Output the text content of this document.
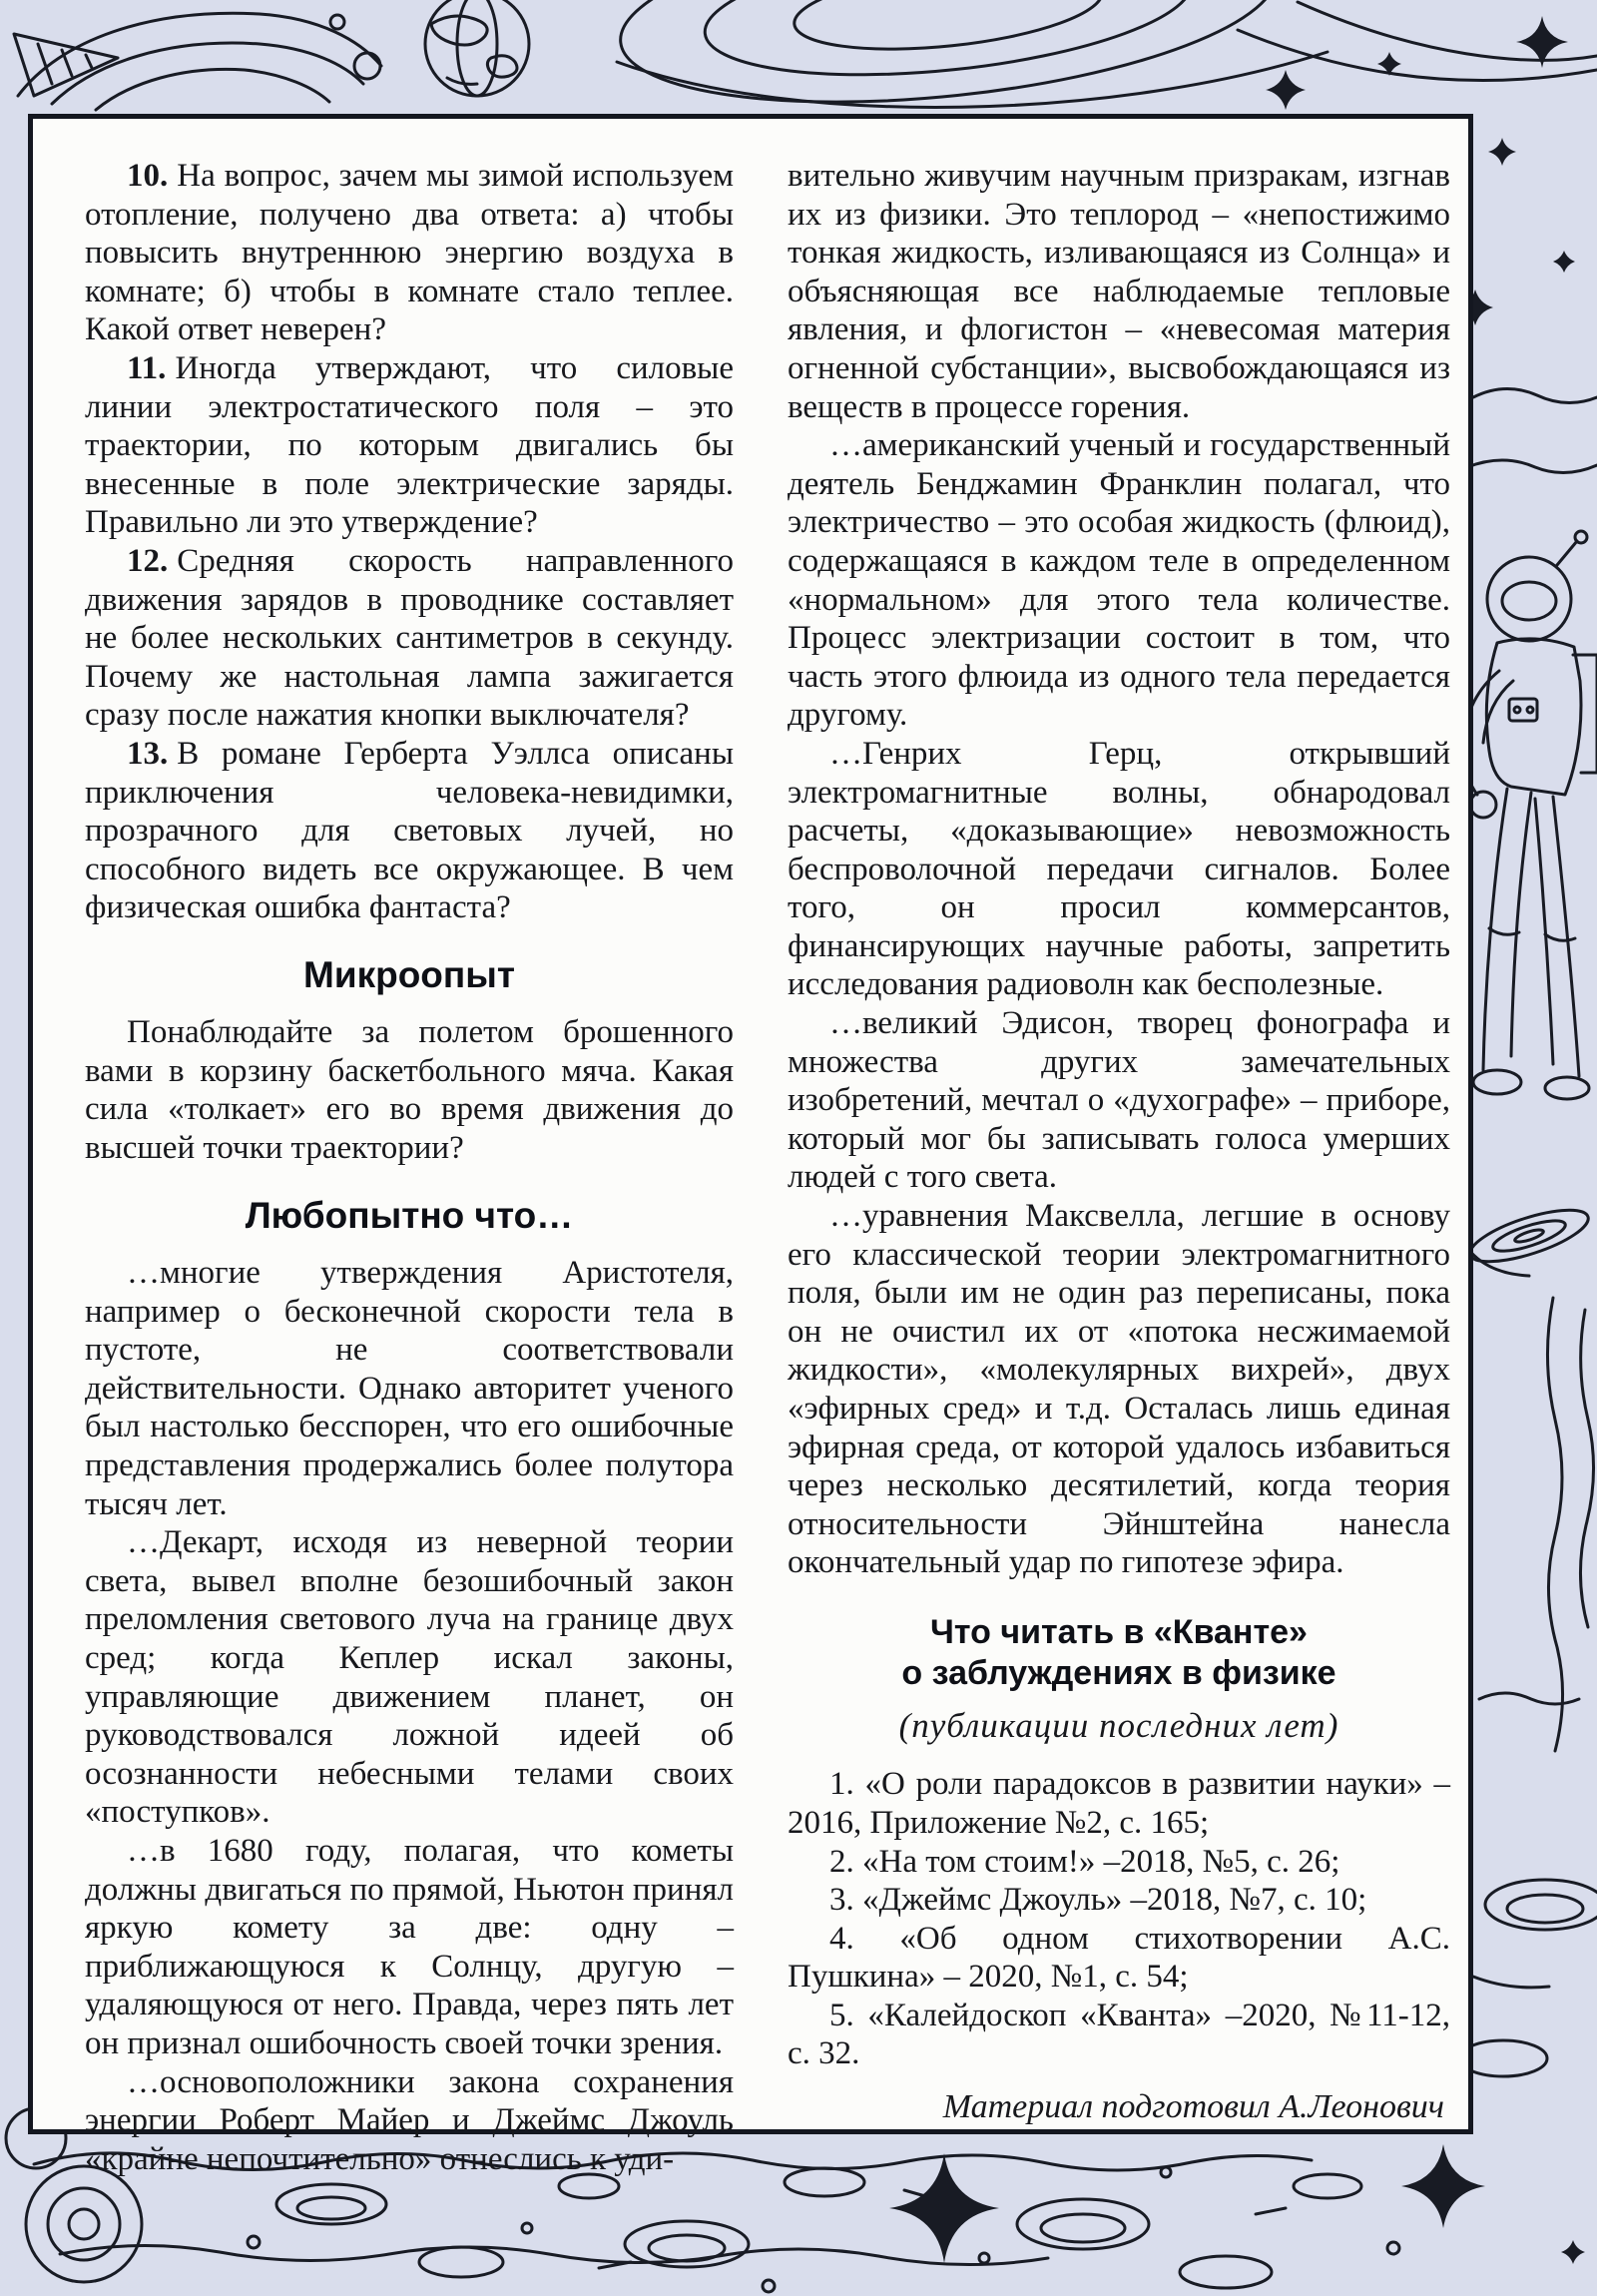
10. На вопрос, зачем мы зимой используем отопление, получено два ответа: а) чтобы повысить внутреннюю энергию воздуха в комнате; б) чтобы в комнате стало теплее. Какой ответ неверен?

11. Иногда утверждают, что силовые линии электростатического поля – это траектории, по которым двигались бы внесенные в поле электрические заряды. Правильно ли это утверждение?

12. Средняя скорость направленного движения зарядов в проводнике составляет не более нескольких сантиметров в секунду. Почему же настольная лампа зажигается сразу после нажатия кнопки выключателя?

13. В романе Герберта Уэллса описаны приключения человека-невидимки, прозрачного для световых лучей, но способного видеть все окружающее. В чем физическая ошибка фантаста?

Микроопыт

Понаблюдайте за полетом брошенного вами в корзину баскетбольного мяча. Какая сила «толкает» его во время движения до высшей точки траектории?

Любопытно что…

…многие утверждения Аристотеля, например о бесконечной скорости тела в пустоте, не соответствовали действительности. Однако авторитет ученого был настолько бесспорен, что его ошибочные представления продержались более полутора тысяч лет.

…Декарт, исходя из неверной теории света, вывел вполне безошибочный закон преломления светового луча на границе двух сред; когда Кеплер искал законы, управляющие движением планет, он руководствовался ложной идеей об осознанности небесными телами своих «поступков».

…в 1680 году, полагая, что кометы должны двигаться по прямой, Ньютон принял яркую комету за две: одну – приближающуюся к Солнцу, другую – удаляющуюся от него. Правда, через пять лет он признал ошибочность своей точки зрения.

…основоположники закона сохранения энергии Роберт Майер и Джеймс Джоуль «крайне непочтительно» отнеслись к уди-

вительно живучим научным призракам, изгнав их из физики. Это теплород – «непостижимо тонкая жидкость, изливающаяся из Солнца» и объясняющая все наблюдаемые тепловые явления, и флогистон – «невесомая материя огненной субстанции», высвобождающаяся из веществ в процессе горения.

…американский ученый и государственный деятель Бенджамин Франклин полагал, что электричество – это особая жидкость (флюид), содержащаяся в каждом теле в определенном «нормальном» для этого тела количестве. Процесс электризации состоит в том, что часть этого флюида из одного тела передается другому.

…Генрих Герц, открывший электромагнитные волны, обнародовал расчеты, «доказывающие» невозможность беспроволочной передачи сигналов. Более того, он просил коммерсантов, финансирующих научные работы, запретить исследования радиоволн как бесполезные.

…великий Эдисон, творец фонографа и множества других замечательных изобретений, мечтал о «духографе» – приборе, который мог бы записывать голоса умерших людей с того света.

…уравнения Максвелла, легшие в основу его классической теории электромагнитного поля, были им не один раз переписаны, пока он не очистил их от «потока несжимаемой жидкости», «молекулярных вихрей», двух «эфирных сред» и т.д. Осталась лишь единая эфирная среда, от которой удалось избавиться через несколько десятилетий, когда теория относительности Эйнштейна нанесла окончательный удар по гипотезе эфира.

Что читать в «Кванте»
о заблуждениях в физике

(публикации последних лет)

1. «О роли парадоксов в развитии науки» – 2016, Приложение №2, с. 165;

2. «На том стоим!» –2018, №5, с. 26;

3. «Джеймс Джоуль» –2018, №7, с. 10;

4. «Об одном стихотворении А.С. Пушкина» – 2020, №1, с. 54;

5. «Калейдоскоп «Кванта» –2020, №11-12, с. 32.

Материал подготовил А.Леонович
